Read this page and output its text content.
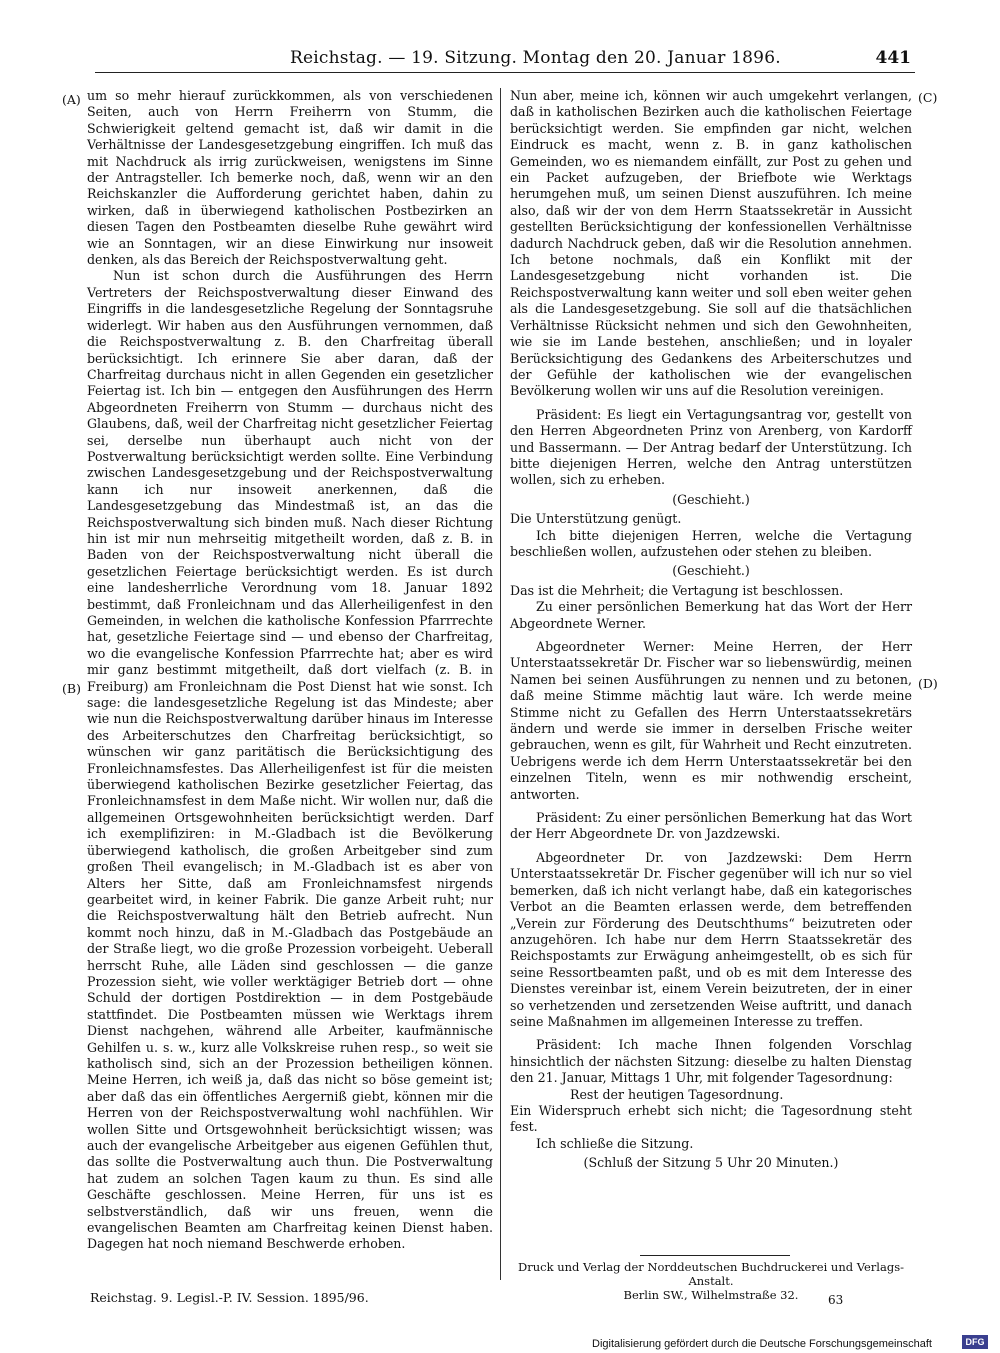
Reichstag. — 19. Sitzung. Montag den 20. Januar 1896.	441
(A)
(B)
(C)
(D)

um so mehr hierauf zurückkommen, als von verschiedenen Seiten, auch von Herrn Freiherrn von Stumm, die Schwierigkeit geltend gemacht ist, daß wir damit in die Verhältnisse der Landesgesetzgebung eingriffen. Ich muß das mit Nachdruck als irrig zurückweisen, wenigstens im Sinne der Antragsteller. Ich bemerke noch, daß, wenn wir an den Reichskanzler die Aufforderung gerichtet haben, dahin zu wirken, daß in überwiegend katholischen Postbezirken an diesen Tagen den Postbeamten dieselbe Ruhe gewährt wird wie an Sonntagen, wir an diese Einwirkung nur insoweit denken, als das Bereich der Reichspostverwaltung geht.

Nun ist schon durch die Ausführungen des Herrn Vertreters der Reichspostverwaltung dieser Einwand des Eingriffs in die landesgesetzliche Regelung der Sonntagsruhe widerlegt. Wir haben aus den Ausführungen vernommen, daß die Reichspostverwaltung z. B. den Charfreitag überall berücksichtigt. Ich erinnere Sie aber daran, daß der Charfreitag durchaus nicht in allen Gegenden ein gesetzlicher Feiertag ist. Ich bin — entgegen den Ausführungen des Herrn Abgeordneten Freiherrn von Stumm — durchaus nicht des Glaubens, daß, weil der Charfreitag nicht gesetzlicher Feiertag sei, derselbe nun überhaupt auch nicht von der Postverwaltung berücksichtigt werden sollte. Eine Verbindung zwischen Landesgesetzgebung und der Reichspostverwaltung kann ich nur insoweit anerkennen, daß die Landesgesetzgebung das Mindestmaß ist, an das die Reichspostverwaltung sich binden muß. Nach dieser Richtung hin ist mir nun mehrseitig mitgetheilt worden, daß z. B. in Baden von der Reichspostverwaltung nicht überall die gesetzlichen Feiertage berücksichtigt werden. Es ist durch eine landesherrliche Verordnung vom 18. Januar 1892 bestimmt, daß Fronleichnam und das Allerheiligenfest in den Gemeinden, in welchen die katholische Konfession Pfarrrechte hat, gesetzliche Feiertage sind — und ebenso der Charfreitag, wo die evangelische Konfession Pfarrrechte hat; aber es wird mir ganz bestimmt mitgetheilt, daß dort vielfach (z. B. in Freiburg) am Fronleichnam die Post Dienst hat wie sonst. Ich sage: die landesgesetzliche Regelung ist das Mindeste; aber wie nun die Reichspostverwaltung darüber hinaus im Interesse des Arbeiterschutzes den Charfreitag berücksichtigt, so wünschen wir ganz paritätisch die Berücksichtigung des Fronleichnamsfestes. Das Allerheiligenfest ist für die meisten überwiegend katholischen Bezirke gesetzlicher Feiertag, das Fronleichnamsfest in dem Maße nicht. Wir wollen nur, daß die allgemeinen Ortsgewohnheiten berücksichtigt werden. Darf ich exemplifiziren: in M.-Gladbach ist die Bevölkerung überwiegend katholisch, die großen Arbeitgeber sind zum großen Theil evangelisch; in M.-Gladbach ist es aber von Alters her Sitte, daß am Fronleichnamsfest nirgends gearbeitet wird, in keiner Fabrik. Die ganze Arbeit ruht; nur die Reichspostverwaltung hält den Betrieb aufrecht. Nun kommt noch hinzu, daß in M.-Gladbach das Postgebäude an der Straße liegt, wo die große Prozession vorbeigeht. Ueberall herrscht Ruhe, alle Läden sind geschlossen — die ganze Prozession sieht, wie voller werktägiger Betrieb dort — ohne Schuld der dortigen Postdirektion — in dem Postgebäude stattfindet. Die Postbeamten müssen wie Werktags ihrem Dienst nachgehen, während alle Arbeiter, kaufmännische Gehilfen u. s. w., kurz alle Volkskreise ruhen resp., so weit sie katholisch sind, sich an der Prozession betheiligen können. Meine Herren, ich weiß ja, daß das nicht so böse gemeint ist; aber daß das ein öffentliches Aergerniß giebt, können mir die Herren von der Reichspostverwaltung wohl nachfühlen. Wir wollen Sitte und Ortsgewohnheit berücksichtigt wissen; was auch der evangelische Arbeitgeber aus eigenen Gefühlen thut, das sollte die Postverwaltung auch thun. Die Postverwaltung hat zudem an solchen Tagen kaum zu thun. Es sind alle Geschäfte geschlossen. Meine Herren, für uns ist es selbstverständlich, daß wir uns freuen, wenn die evangelischen Beamten am Charfreitag keinen Dienst haben. Dagegen hat noch niemand Beschwerde erhoben.

Nun aber, meine ich, können wir auch umgekehrt verlangen, daß in katholischen Bezirken auch die katholischen Feiertage berücksichtigt werden. Sie empfinden gar nicht, welchen Eindruck es macht, wenn z. B. in ganz katholischen Gemeinden, wo es niemandem einfällt, zur Post zu gehen und ein Packet aufzugeben, der Briefbote wie Werktags herumgehen muß, um seinen Dienst auszuführen. Ich meine also, daß wir der von dem Herrn Staatssekretär in Aussicht gestellten Berücksichtigung der konfessionellen Verhältnisse dadurch Nachdruck geben, daß wir die Resolution annehmen. Ich betone nochmals, daß ein Konflikt mit der Landesgesetzgebung nicht vorhanden ist. Die Reichspostverwaltung kann weiter und soll eben weiter gehen als die Landesgesetzgebung. Sie soll auf die thatsächlichen Verhältnisse Rücksicht nehmen und sich den Gewohnheiten, wie sie im Lande bestehen, anschließen; und in loyaler Berücksichtigung des Gedankens des Arbeiterschutzes und der Gefühle der katholischen wie der evangelischen Bevölkerung wollen wir uns auf die Resolution vereinigen.

Präsident: Es liegt ein Vertagungsantrag vor, gestellt von den Herren Abgeordneten Prinz von Arenberg, von Kardorff und Bassermann. — Der Antrag bedarf der Unterstützung. Ich bitte diejenigen Herren, welche den Antrag unterstützen wollen, sich zu erheben.

(Geschieht.)

Die Unterstützung genügt.

Ich bitte diejenigen Herren, welche die Vertagung beschließen wollen, aufzustehen oder stehen zu bleiben.

(Geschieht.)

Das ist die Mehrheit; die Vertagung ist beschlossen.

Zu einer persönlichen Bemerkung hat das Wort der Herr Abgeordnete Werner.

Abgeordneter Werner: Meine Herren, der Herr Unterstaatssekretär Dr. Fischer war so liebenswürdig, meinen Namen bei seinen Ausführungen zu nennen und zu betonen, daß meine Stimme mächtig laut wäre. Ich werde meine Stimme nicht zu Gefallen des Herrn Unterstaatssekretärs ändern und werde sie immer in derselben Frische weiter gebrauchen, wenn es gilt, für Wahrheit und Recht einzutreten. Uebrigens werde ich dem Herrn Unterstaatssekretär bei den einzelnen Titeln, wenn es mir nothwendig erscheint, antworten.

Präsident: Zu einer persönlichen Bemerkung hat das Wort der Herr Abgeordnete Dr. von Jazdzewski.

Abgeordneter Dr. von Jazdzewski: Dem Herrn Unterstaatssekretär Dr. Fischer gegenüber will ich nur so viel bemerken, daß ich nicht verlangt habe, daß ein kategorisches Verbot an die Beamten erlassen werde, dem betreffenden „Verein zur Förderung des Deutschthums“ beizutreten oder anzugehören. Ich habe nur dem Herrn Staatssekretär des Reichspostamts zur Erwägung anheimgestellt, ob es sich für seine Ressortbeamten paßt, und ob es mit dem Interesse des Dienstes vereinbar ist, einem Verein beizutreten, der in einer so verhetzenden und zersetzenden Weise auftritt, und danach seine Maßnahmen im allgemeinen Interesse zu treffen.

Präsident: Ich mache Ihnen folgenden Vorschlag hinsichtlich der nächsten Sitzung: dieselbe zu halten Dienstag den 21. Januar, Mittags 1 Uhr, mit folgender Tagesordnung:

Rest der heutigen Tagesordnung.

Ein Widerspruch erhebt sich nicht; die Tagesordnung steht fest.

Ich schließe die Sitzung.

(Schluß der Sitzung 5 Uhr 20 Minuten.)

Druck und Verlag der Norddeutschen Buchdruckerei und Verlags-Anstalt.
Berlin SW., Wilhelmstraße 32.	63
Reichstag. 9. Legisl.-P. IV. Session. 1895/96.
Digitalisierung gefördert durch die Deutsche Forschungsgemeinschaft	DFG
